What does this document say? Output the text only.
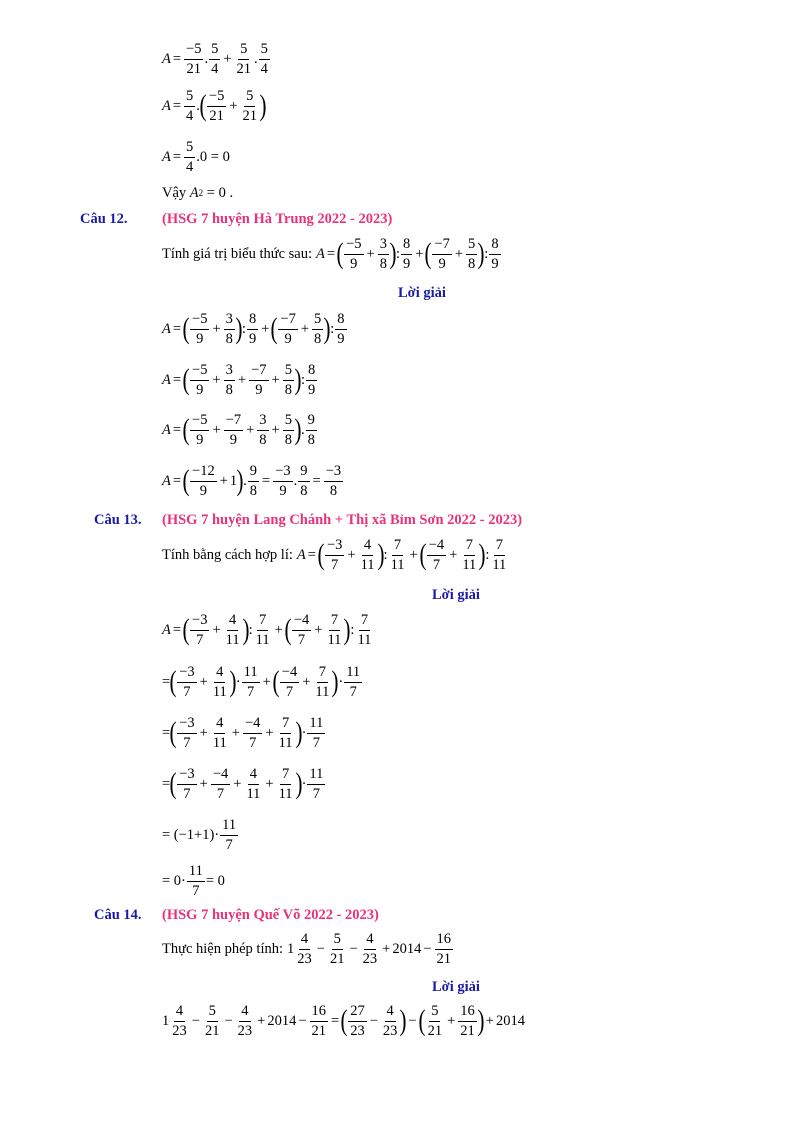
$A = \frac{-5}{21}$ .
5
4
+ $\frac{5}{21}$ .
5
4
$A = \frac{5}{4}$ . ( −5
21
+ $\frac{5}{21}$ )
$A = \frac{5}{4} .0 = 0$
Vậy
A 2
= 0 .
Câu 12. (HSG 7 huyện Hà Trung 2022 - 2023)
Tính giá trị biểu thức sau: A = ( −5
9
+ $\frac{3}{8}$ ) :
8
9
+ ( −7
9
+ $\frac{5}{8}$ ) :
8
9
Lời giải
A = ( −5
9
+ $\frac{3}{8}$ ) :
8
9
+ ( −7
9
+ $\frac{5}{8}$ ) :
8
9
A = ( −5
9
+ $\frac{3}{8} + \frac{-7}{9} + \frac{5}{8}$ ) :
8
9
A = ( −5
9
+ $\frac{-7}{9} + \frac{3}{8} + \frac{5}{8}$ ) .
9
8
A = ( −12
9
+ 1 ) . $\frac{9}{8} = \frac{-3}{9}$ . $\frac{9}{8} = \frac{-3}{8}$
Câu 13. (HSG 7 huyện Lang Chánh + Thị xã Bỉm Sơn 2022 - 2023)
Tính bằng cách hợp lí: A = ( −3
7
+ $\frac{4}{11}$ ) :
7
11
+ ( −4
7
+ $\frac{7}{11}$ ) :
7
11
Lời giải
A = ( −3
7
+ $\frac{4}{11}$ ) :
7
11
+ ( −4
7
+ $\frac{7}{11}$ ) :
7
11
= ( −3
7
+ $\frac{4}{11}$ ) ·
11
7
+ ( −4
7
+ $\frac{7}{11}$ ) ·
11
7
= ( −3
7
+ $\frac{4}{11} + \frac{-4}{7} + \frac{7}{11}$ ) ·
11
7
= ( −3
7
+ $\frac{-4}{7} + \frac{4}{11} + \frac{7}{11}$ ) ·
11
7
= (−1+1)·
11
7
= 0·
11
7
= 0
Câu 14. (HSG 7 huyện Quế Võ 2022 - 2023)
Thực hiện phép tính: 1
4
23
− $\frac{5}{21} - \frac{4}{23} + 2014 - \frac{16}{21}$
Lời giải
1
4
23
− $\frac{5}{21} - \frac{4}{23} + 2014 - \frac{16}{21}$ = ( 27
23
− $\frac{4}{23}$ ) − ( 5
21
+ $\frac{16}{21}$ ) + 2014
